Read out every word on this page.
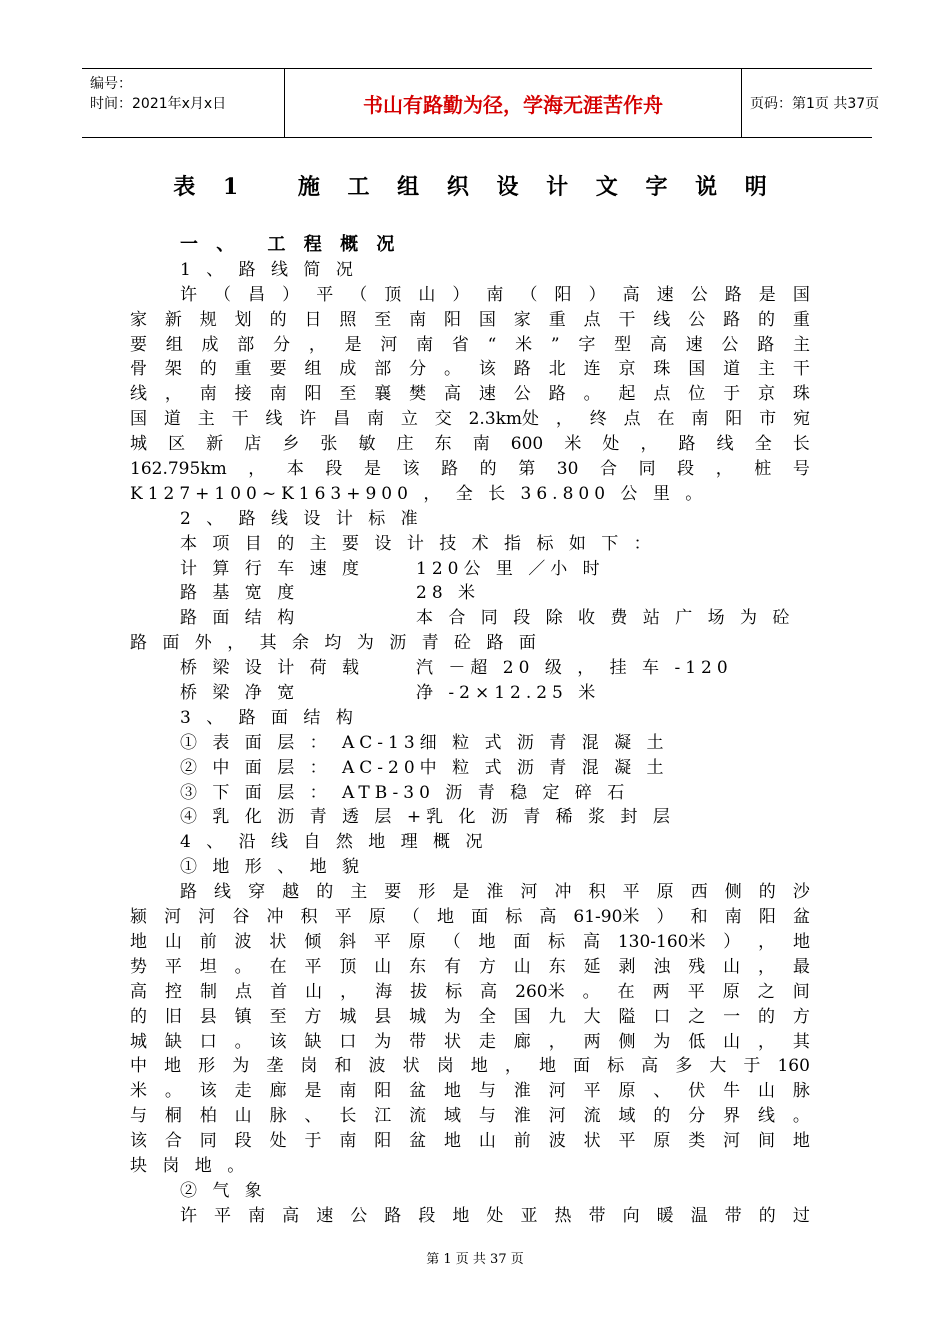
编号：
时间：2021年x月x日	书山有路勤为径，学海无涯苦作舟	页码：第1页 共37页
表 1　 施 工 组 织 设 计 文 字 说 明
一 、　 工 程 概 况
1 、 路 线 简 况
许 （ 昌 ） 平 （ 顶 山 ） 南 （ 阳 ） 高 速 公 路 是 国
家 新 规 划 的 日 照 至 南 阳 国 家 重 点 干 线 公 路 的 重
要 组 成 部 分 ， 是 河 南 省 “ 米 ” 字 型 高 速 公 路 主
骨 架 的 重 要 组 成 部 分 。 该 路 北 连 京 珠 国 道 主 干
线 ， 南 接 南 阳 至 襄 樊 高 速 公 路 。 起 点 位 于 京 珠
国 道 主 干 线 许 昌 南 立 交 2.3km处 ， 终 点 在 南 阳 市 宛
城 区 新 店 乡 张 敏 庄 东 南 600 米 处 ， 路 线 全 长
162.795km ， 本 段 是 该 路 的 第 30 合 同 段 ， 桩 号
K127+100~K163+900 ， 全 长 36.800 公 里 。
2 、 路 线 设 计 标 准
本 项 目 的 主 要 设 计 技 术 指 标 如 下 ：
计 算 行 车 速 度	120公 里 ／小 时
路 基 宽 度	28 米
路 面 结 构	本 合 同 段 除 收 费 站 广 场 为 砼
路 面 外 ， 其 余 均 为 沥 青 砼 路 面
桥 梁 设 计 荷 载	汽 －超 20 级 ， 挂 车 -120
桥 梁 净 宽	净 -2×12.25 米
3 、 路 面 结 构
① 表 面 层 ： AC-13细 粒 式 沥 青 混 凝 土
② 中 面 层 ： AC-20中 粒 式 沥 青 混 凝 土
③ 下 面 层 ： ATB-30 沥 青 稳 定 碎 石
④ 乳 化 沥 青 透 层 +乳 化 沥 青 稀 浆 封 层
4 、 沿 线 自 然 地 理 概 况
① 地 形 、 地 貌
路 线 穿 越 的 主 要 形 是 淮 河 冲 积 平 原 西 侧 的 沙
颍 河 河 谷 冲 积 平 原 （ 地 面 标 高 61-90米 ） 和 南 阳 盆
地 山 前 波 状 倾 斜 平 原 （ 地 面 标 高 130-160米 ） ， 地
势 平 坦 。 在 平 顶 山 东 有 方 山 东 延 剥 浊 残 山 ， 最
高 控 制 点 首 山 ， 海 拔 标 高 260米 。 在 两 平 原 之 间
的 旧 县 镇 至 方 城 县 城 为 全 国 九 大 隘 口 之 一 的 方
城 缺 口 。 该 缺 口 为 带 状 走 廊 ， 两 侧 为 低 山 ， 其
中 地 形 为 垄 岗 和 波 状 岗 地 ， 地 面 标 高 多 大 于 160
米 。 该 走 廊 是 南 阳 盆 地 与 淮 河 平 原 、 伏 牛 山 脉
与 桐 柏 山 脉 、 长 江 流 域 与 淮 河 流 域 的 分 界 线 。
该 合 同 段 处 于 南 阳 盆 地 山 前 波 状 平 原 类 河 间 地
块 岗 地 。
② 气 象
许 平 南 高 速 公 路 段 地 处 亚 热 带 向 暖 温 带 的 过
第 1 页 共 37 页
